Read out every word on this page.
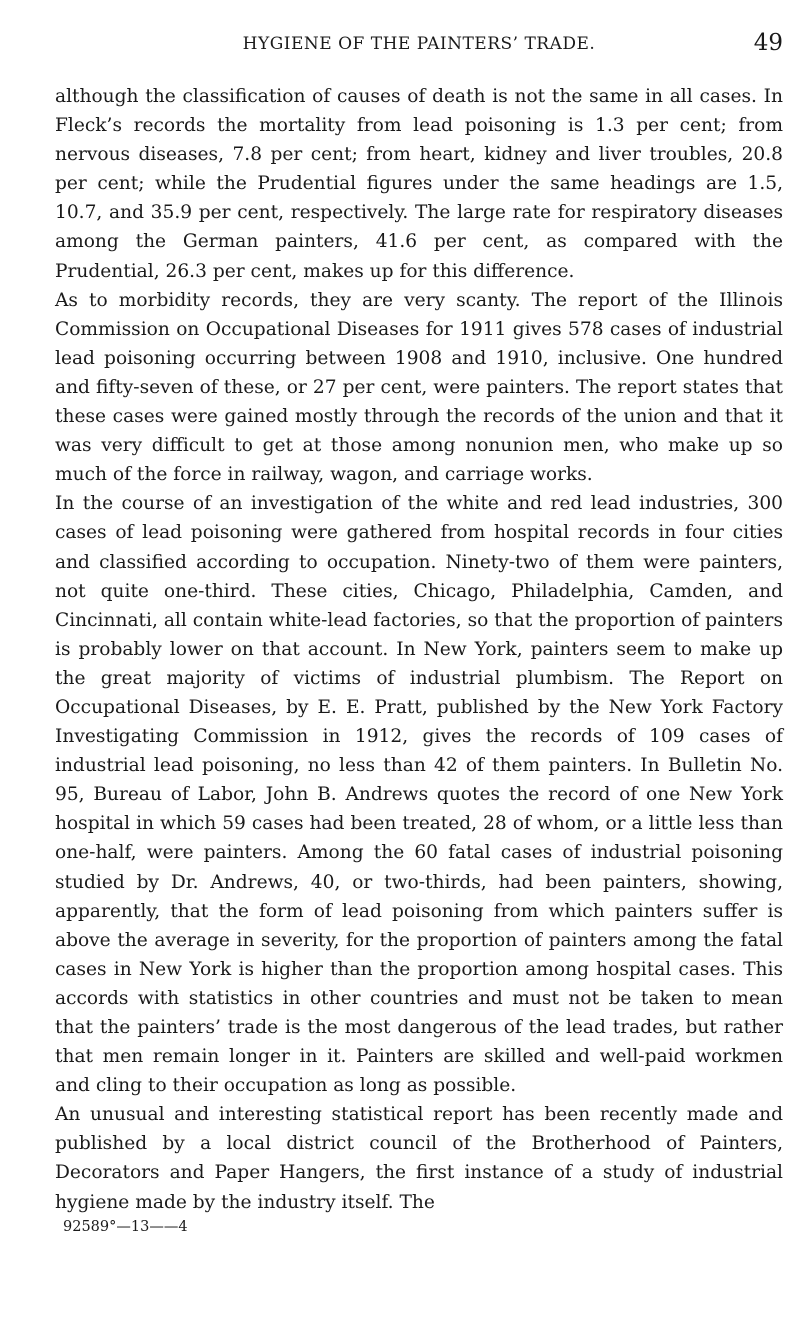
HYGIENE OF THE PAINTERS’ TRADE.	49

although the classification of causes of death is not the same in all cases. In Fleck’s records the mortality from lead poisoning is 1.3 per cent; from nervous diseases, 7.8 per cent; from heart, kidney and liver troubles, 20.8 per cent; while the Prudential figures under the same headings are 1.5, 10.7, and 35.9 per cent, respectively. The large rate for respiratory diseases among the German painters, 41.6 per cent, as compared with the Prudential, 26.3 per cent, makes up for this difference.

As to morbidity records, they are very scanty. The report of the Illinois Commission on Occupational Diseases for 1911 gives 578 cases of industrial lead poisoning occurring between 1908 and 1910, inclusive. One hundred and fifty-seven of these, or 27 per cent, were painters. The report states that these cases were gained mostly through the records of the union and that it was very difficult to get at those among nonunion men, who make up so much of the force in railway, wagon, and carriage works.

In the course of an investigation of the white and red lead industries, 300 cases of lead poisoning were gathered from hospital records in four cities and classified according to occupation. Ninety-two of them were painters, not quite one-third. These cities, Chicago, Philadelphia, Camden, and Cincinnati, all contain white-lead factories, so that the proportion of painters is probably lower on that account. In New York, painters seem to make up the great majority of victims of industrial plumbism. The Report on Occupational Diseases, by E. E. Pratt, published by the New York Factory Investigating Commission in 1912, gives the records of 109 cases of industrial lead poisoning, no less than 42 of them painters. In Bulletin No. 95, Bureau of Labor, John B. Andrews quotes the record of one New York hospital in which 59 cases had been treated, 28 of whom, or a little less than one-half, were painters. Among the 60 fatal cases of industrial poisoning studied by Dr. Andrews, 40, or two-thirds, had been painters, showing, apparently, that the form of lead poisoning from which painters suffer is above the average in severity, for the proportion of painters among the fatal cases in New York is higher than the proportion among hospital cases. This accords with statistics in other countries and must not be taken to mean that the painters’ trade is the most dangerous of the lead trades, but rather that men remain longer in it. Painters are skilled and well-paid workmen and cling to their occupation as long as possible.

An unusual and interesting statistical report has been recently made and published by a local district council of the Brotherhood of Painters, Decorators and Paper Hangers, the first instance of a study of industrial hygiene made by the industry itself. The

92589°—13——4
